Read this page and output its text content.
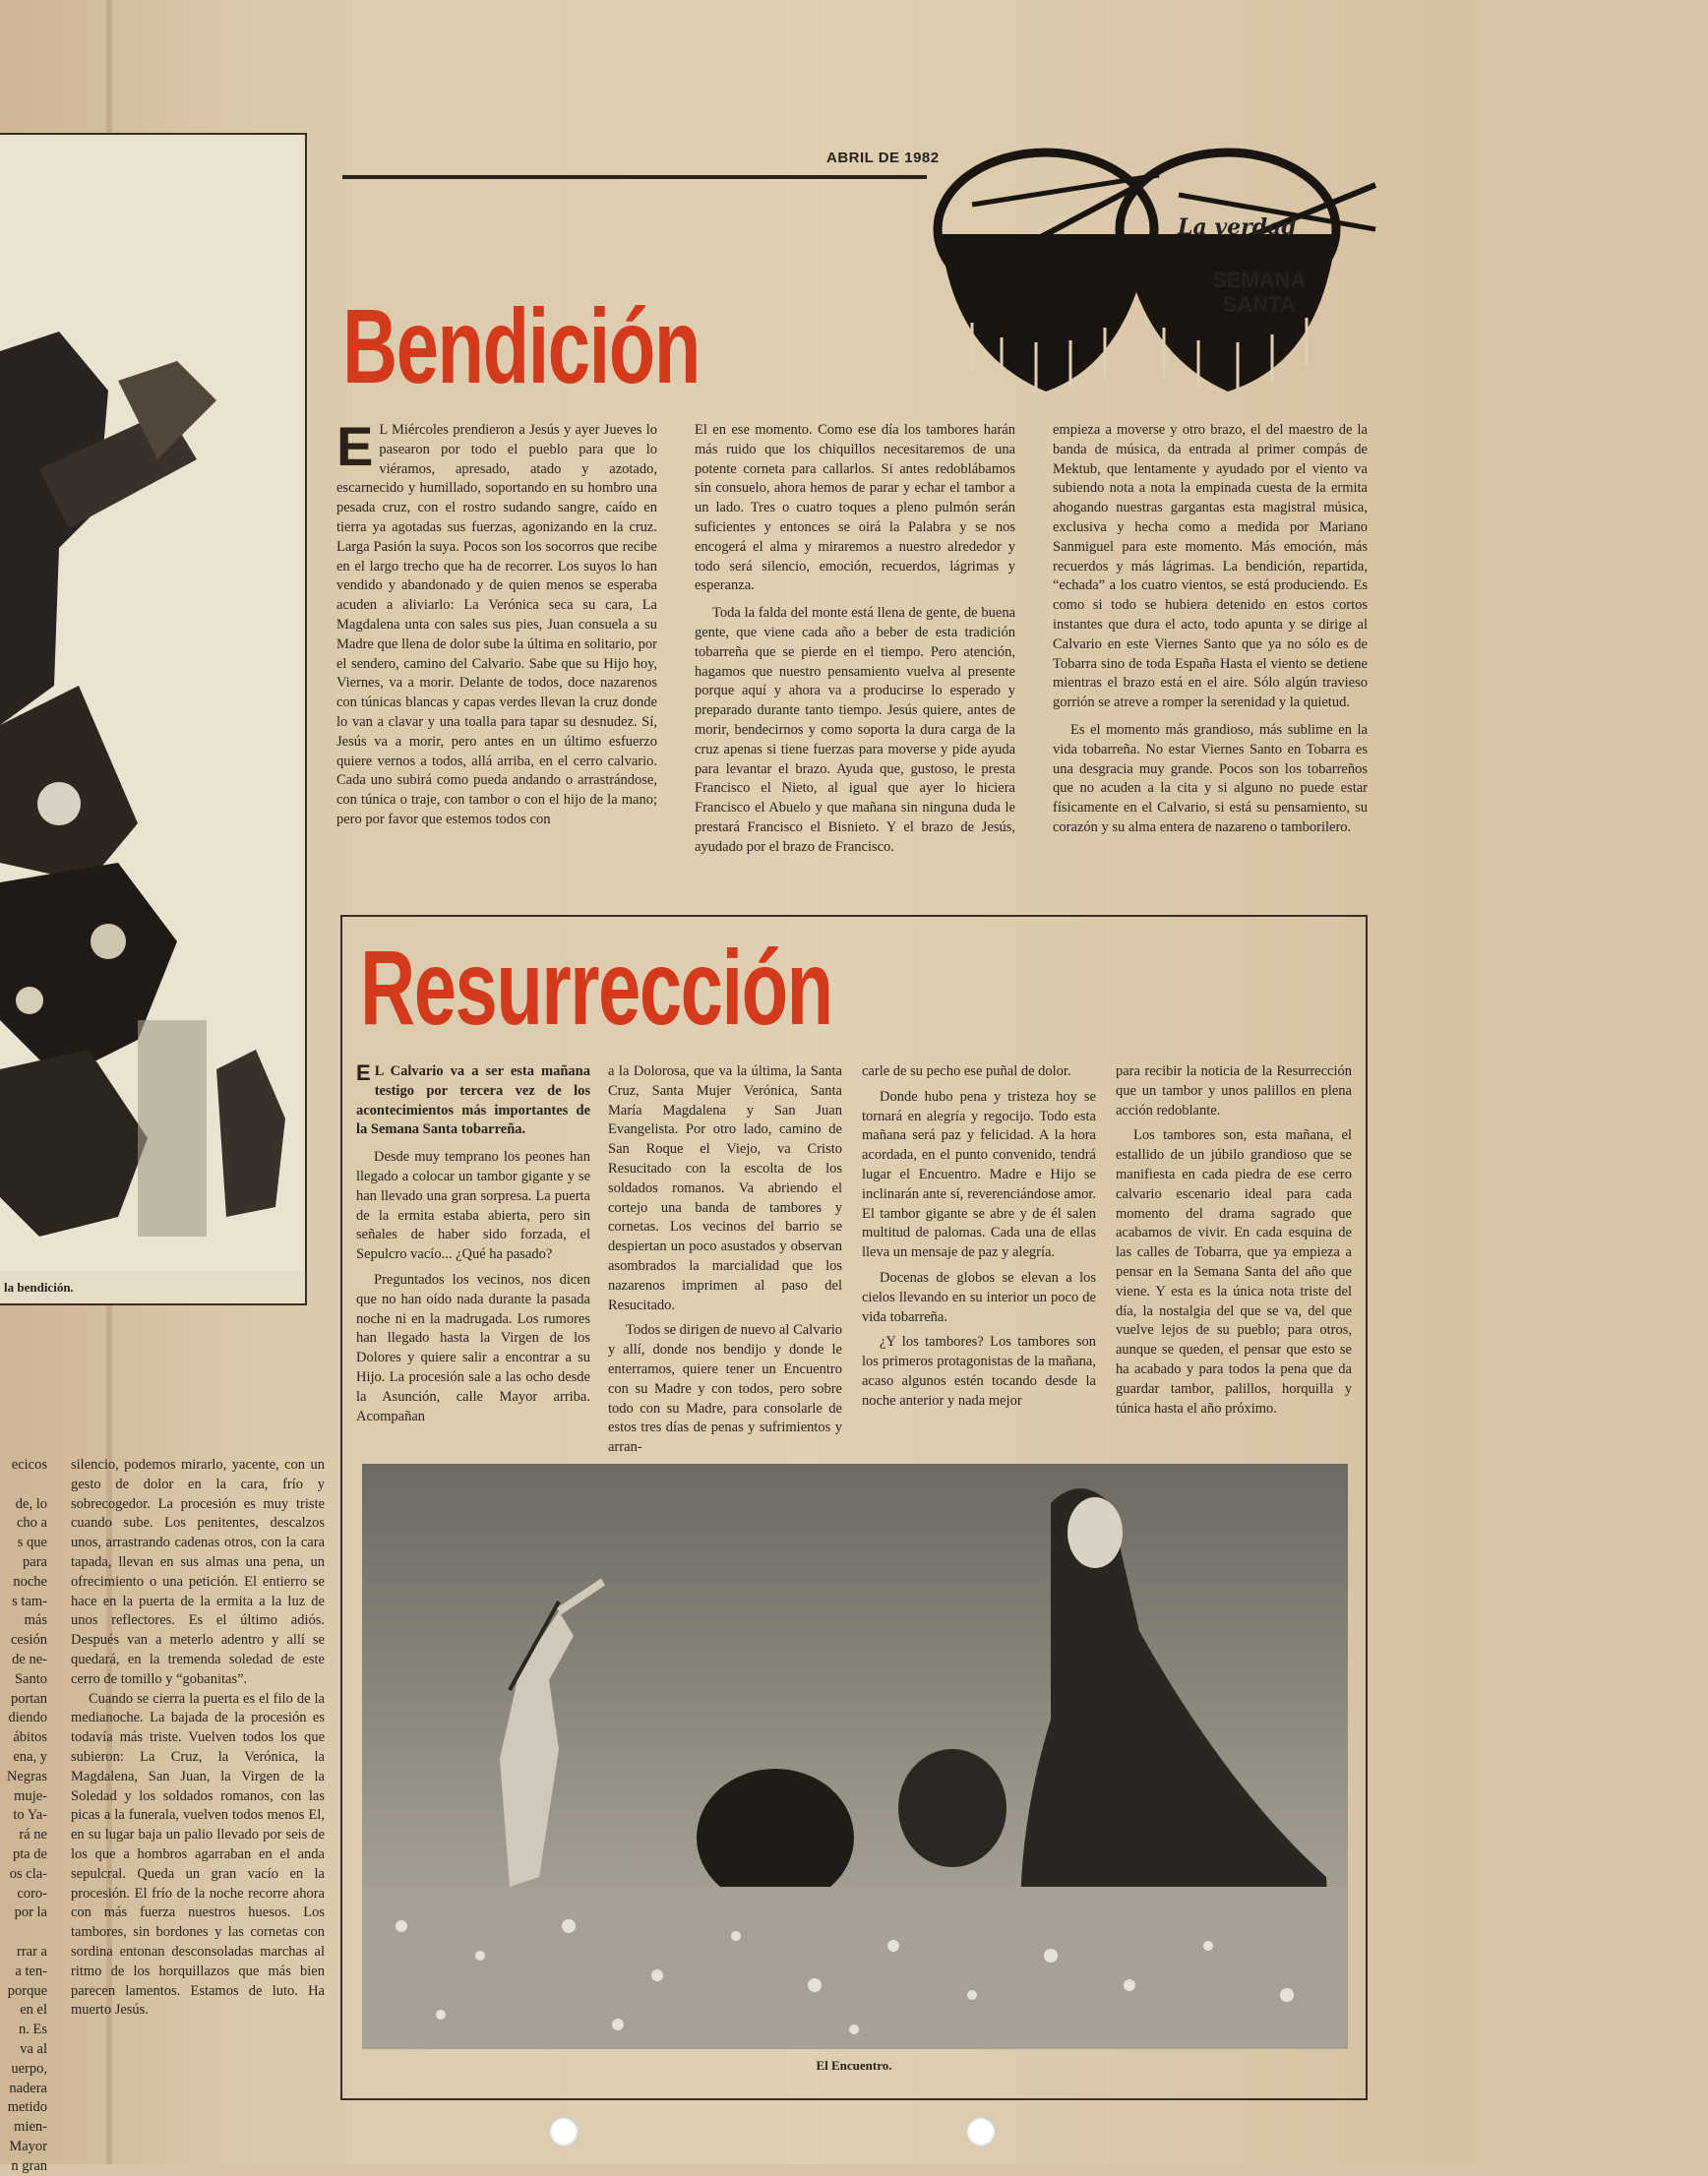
la bendición.

ecicos

de, lo

cho a

s que

para

noche

s tam-

más

cesión

de ne-

Santo

portan

diendo

ábitos

ena, y

Negras

muje-

to Ya-

rá ne

pta de

os cla-

coro-

por la

rrar a

a ten-

porque

en el

n. Es

va al

uerpo,

nadera

metido

mien-

Mayor

n gran

silencio, podemos mirarlo, yacente, con un gesto de dolor en la cara, frío y sobrecogedor. La procesión es muy triste cuando sube. Los penitentes, descalzos unos, arrastrando cadenas otros, con la cara tapada, llevan en sus almas una pena, un ofrecimiento o una petición. El entierro se hace en la puerta de la ermita a la luz de unos reflectores. Es el último adiós. Después van a meterlo adentro y allí se quedará, en la tremenda soledad de este cerro de tomillo y “gobanitas”.

Cuando se cierra la puerta es el filo de la medianoche. La bajada de la procesión es todavía más triste. Vuelven todos los que subieron: La Cruz, la Verónica, la Magdalena, San Juan, la Virgen de la Soledad y los soldados romanos, con las picas a la funerala, vuelven todos menos El, en su lugar baja un palio llevado por seis de los que a hombros agarraban en el anda sepulcral. Queda un gran vacío en la procesión. El frío de la noche recorre ahora con más fuerza nuestros huesos. Los tambores, sin bordones y las cornetas con sordina entonan desconsoladas marchas al ritmo de los horquillazos que más bien parecen lamentos. Estamos de luto. Ha muerto Jesús.

ABRIL DE 1982
La verdad
SEMANA
SANTA
Bendición

E L Miércoles prendieron a Jesús y ayer Jueves lo pasearon por todo el pueblo para que lo viéramos, apresado, atado y azotado, escarnecido y humillado, soportando en su hombro una pesada cruz, con el rostro sudando sangre, caído en tierra ya agotadas sus fuerzas, agonizando en la cruz. Larga Pasión la suya. Pocos son los socorros que recibe en el largo trecho que ha de recorrer. Los suyos lo han vendido y abandonado y de quien menos se esperaba acuden a aliviarlo: La Verónica seca su cara, La Magdalena unta con sales sus pies, Juan consuela a su Madre que llena de dolor sube la última en solitario, por el sendero, camino del Calvario. Sabe que su Hijo hoy, Viernes, va a morir. Delante de todos, doce nazarenos con túnicas blancas y capas verdes llevan la cruz donde lo van a clavar y una toalla para tapar su desnudez. Sí, Jesús va a morir, pero antes en un último esfuerzo quiere vernos a todos, allá arriba, en el cerro calvario. Cada uno subirá como pueda andando o arrastrándose, con túnica o traje, con tambor o con el hijo de la mano; pero por favor que estemos todos con

El en ese momento. Como ese día los tambores harán más ruido que los chiquillos necesitaremos de una potente corneta para callarlos. Si antes redoblábamos sin consuelo, ahora hemos de parar y echar el tambor a un lado. Tres o cuatro toques a pleno pulmón serán suficientes y entonces se oirá la Palabra y se nos encogerá el alma y miraremos a nuestro alrededor y todo será silencio, emoción, recuerdos, lágrimas y esperanza.

Toda la falda del monte está llena de gente, de buena gente, que viene cada año a beber de esta tradición tobarreña que se pierde en el tiempo. Pero atención, hagamos que nuestro pensamiento vuelva al presente porque aquí y ahora va a producirse lo esperado y preparado durante tanto tiempo. Jesús quiere, antes de morir, bendecirnos y como soporta la dura carga de la cruz apenas si tiene fuerzas para moverse y pide ayuda para levantar el brazo. Ayuda que, gustoso, le presta Francisco el Nieto, al igual que ayer lo hiciera Francisco el Abuelo y que mañana sin ninguna duda le prestará Francisco el Bisnieto. Y el brazo de Jesús, ayudado por el brazo de Francisco.

empieza a moverse y otro brazo, el del maestro de la banda de música, da entrada al primer compás de Mektub, que lentamente y ayudado por el viento va subiendo nota a nota la empinada cuesta de la ermita ahogando nuestras gargantas esta magistral música, exclusiva y hecha como a medida por Mariano Sanmiguel para este momento. Más emoción, más recuerdos y más lágrimas. La bendición, repartida, “echada” a los cuatro vientos, se está produciendo. Es como si todo se hubiera detenido en estos cortos instantes que dura el acto, todo apunta y se dirige al Calvario en este Viernes Santo que ya no sólo es de Tobarra sino de toda España Hasta el viento se detiene mientras el brazo está en el aire. Sólo algún travieso gorrión se atreve a romper la serenidad y la quietud.

Es el momento más grandioso, más sublime en la vida tobarreña. No estar Viernes Santo en Tobarra es una desgracia muy grande. Pocos son los tobarreños que no acuden a la cita y si alguno no puede estar físicamente en el Calvario, si está su pensamiento, su corazón y su alma entera de nazareno o tamborilero.

Resurrección

E L Calvario va a ser esta mañana testigo por tercera vez de los acontecimientos más importantes de la Semana Santa tobarreña.

Desde muy temprano los peones han llegado a colocar un tambor gigante y se han llevado una gran sorpresa. La puerta de la ermita estaba abierta, pero sin señales de haber sido forzada, el Sepulcro vacío... ¿Qué ha pasado?

Preguntados los vecinos, nos dicen que no han oído nada durante la pasada noche ni en la madrugada. Los rumores han llegado hasta la Virgen de los Dolores y quiere salir a encontrar a su Hijo. La procesión sale a las ocho desde la Asunción, calle Mayor arriba. Acompañan

a la Dolorosa, que va la última, la Santa Cruz, Santa Mujer Verónica, Santa María Magdalena y San Juan Evangelista. Por otro lado, camino de San Roque el Viejo, va Cristo Resucitado con la escolta de los soldados romanos. Va abriendo el cortejo una banda de tambores y cornetas. Los vecinos del barrio se despiertan un poco asustados y observan asombrados la marcialidad que los nazarenos imprimen al paso del Resucitado.

Todos se dirigen de nuevo al Calvario y allí, donde nos bendijo y donde le enterramos, quiere tener un Encuentro con su Madre y con todos, pero sobre todo con su Madre, para consolarle de estos tres días de penas y sufrimientos y arran-

carle de su pecho ese puñal de dolor.

Donde hubo pena y tristeza hoy se tornará en alegría y regocijo. Todo esta mañana será paz y felicidad. A la hora acordada, en el punto convenido, tendrá lugar el Encuentro. Madre e Hijo se inclinarán ante sí, reverenciándose amor. El tambor gigante se abre y de él salen multitud de palomas. Cada una de ellas lleva un mensaje de paz y alegría.

Docenas de globos se elevan a los cielos llevando en su interior un poco de vida tobarreña.

¿Y los tambores? Los tambores son los primeros protagonistas de la mañana, acaso algunos estén tocando desde la noche anterior y nada mejor

para recibir la noticia de la Resurrección que un tambor y unos palillos en plena acción redoblante.

Los tambores son, esta mañana, el estallido de un júbilo grandioso que se manifiesta en cada piedra de ese cerro calvario escenario ideal para cada momento del drama sagrado que acabamos de vivir. En cada esquina de las calles de Tobarra, que ya empieza a pensar en la Semana Santa del año que viene. Y esta es la única nota triste del día, la nostalgia del que se va, del que vuelve lejos de su pueblo; para otros, aunque se queden, el pensar que esto se ha acabado y para todos la pena que da guardar tambor, palillos, horquilla y túnica hasta el año próximo.

El Encuentro.
